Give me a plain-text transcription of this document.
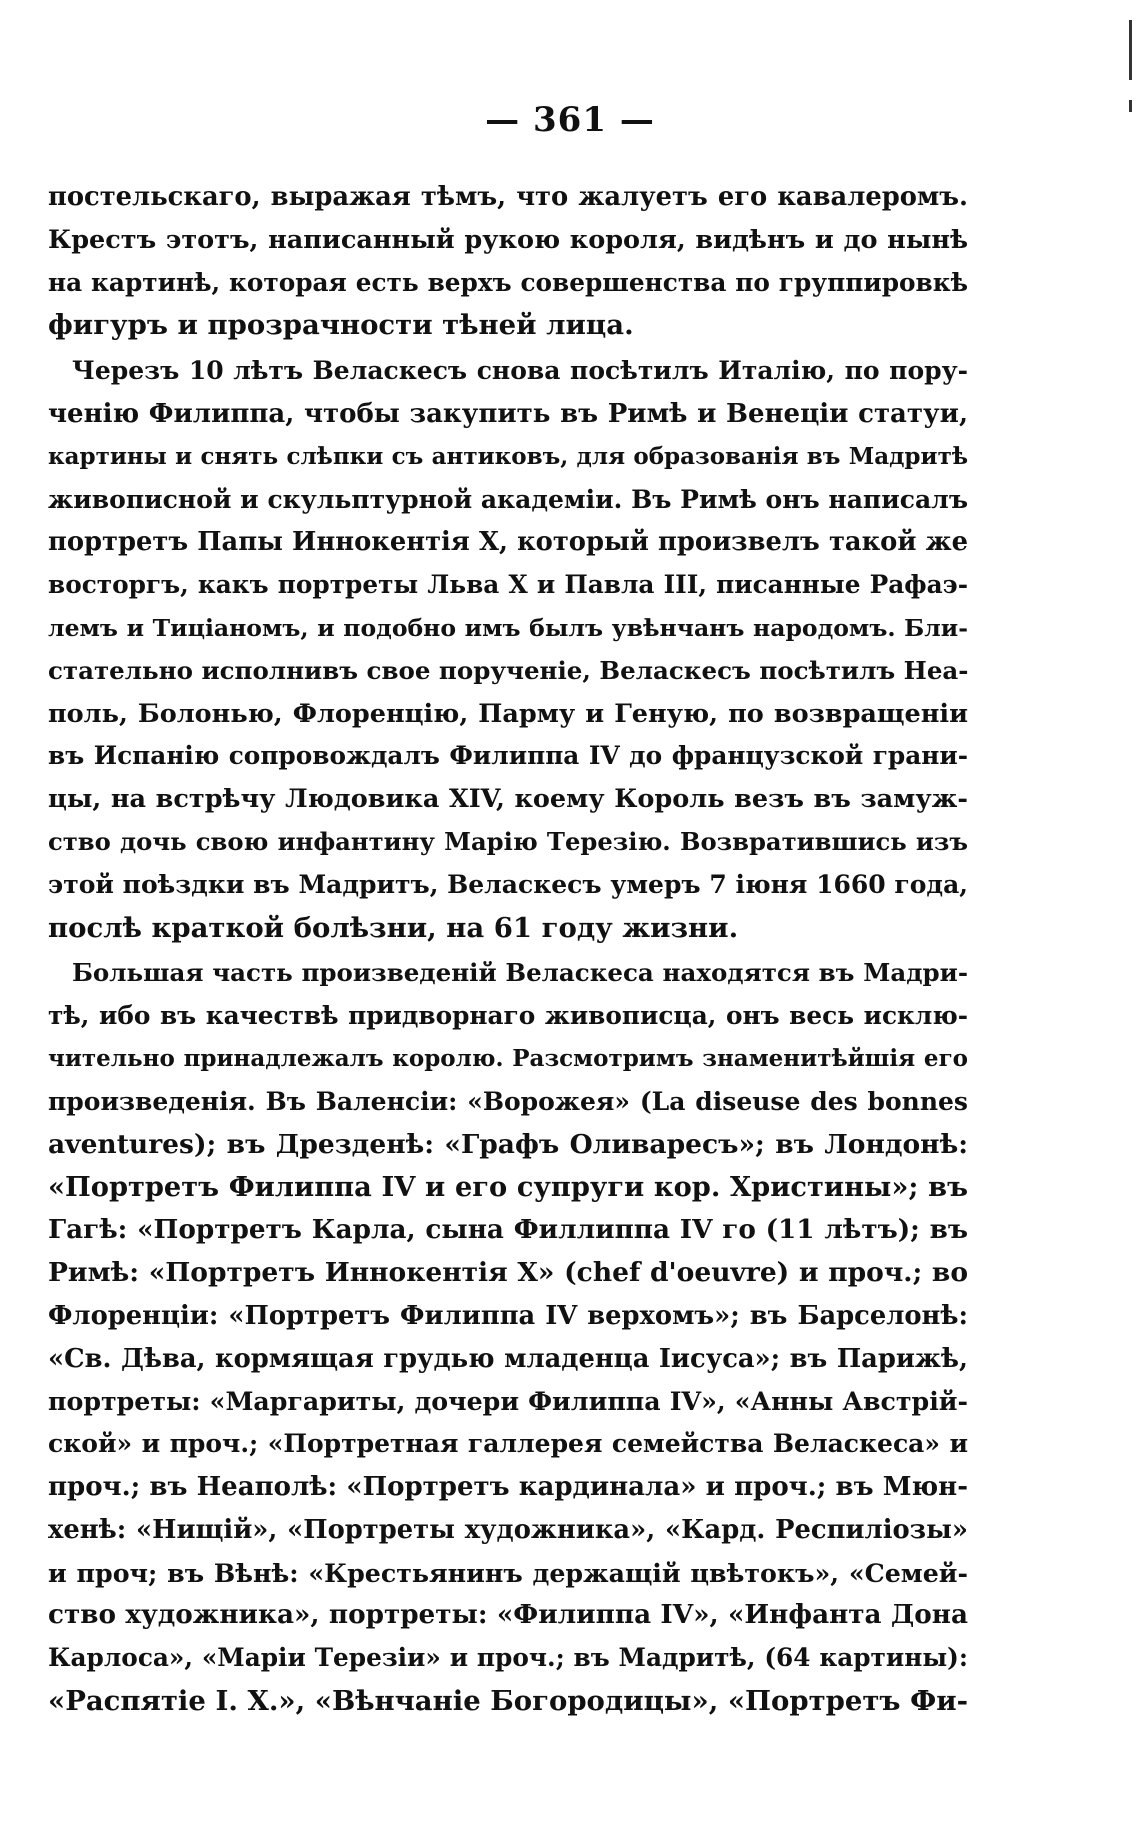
— 361 —
постельскаго, выражая тѣмъ, что жалуетъ его кавалеромъ.
Крестъ этотъ, написанный рукою короля, видѣнъ и до нынѣ
на картинѣ, которая есть верхъ совершенства по группировкѣ
фигуръ и прозрачности тѣней лица.
Черезъ 10 лѣтъ Веласкесъ снова посѣтилъ Италію, по пору-
ченію Филиппа, чтобы закупить въ Римѣ и Венеціи статуи,
картины и снять слѣпки съ антиковъ, для образованія въ Мадритѣ
живописной и скульптурной академіи. Въ Римѣ онъ написалъ
портретъ Папы Иннокентія X, который произвелъ такой же
восторгъ, какъ портреты Льва X и Павла III, писанные Рафаэ-
лемъ и Тиціаномъ, и подобно имъ былъ увѣнчанъ народомъ. Бли-
стательно исполнивъ свое порученіе, Веласкесъ посѣтилъ Неа-
поль, Болонью, Флоренцію, Парму и Геную, по возвращеніи
въ Испанію сопровождалъ Филиппа IV до французской грани-
цы, на встрѣчу Людовика XIV, коему Король везъ въ замуж-
ство дочь свою инфантину Марію Терезію. Возвратившись изъ
этой поѣздки въ Мадритъ, Веласкесъ умеръ 7 іюня 1660 года,
послѣ краткой болѣзни, на 61 году жизни.
Большая часть произведеній Веласкеса находятся въ Мадри-
тѣ, ибо въ качествѣ придворнаго живописца, онъ весь исклю-
чительно принадлежалъ королю. Разсмотримъ знаменитѣйшія его
произведенія. Въ Валенсіи: «Ворожея» (La diseuse des bonnes
aventures); въ Дрезденѣ: «Графъ Оливаресъ»; въ Лондонѣ:
«Портретъ Филиппа IV и его супруги кор. Христины»; въ
Гагѣ: «Портретъ Карла, сына Филлиппа IV го (11 лѣтъ); въ
Римѣ: «Портретъ Иннокентія X» (chef d'oeuvre) и проч.; во
Флоренціи: «Портретъ Филиппа IV верхомъ»; въ Барселонѣ:
«Св. Дѣва, кормящая грудью младенца Іисуса»; въ Парижѣ,
портреты: «Маргариты, дочери Филиппа IV», «Анны Австрій-
ской» и проч.; «Портретная галлерея семейства Веласкеса» и
проч.; въ Неаполѣ: «Портретъ кардинала» и проч.; въ Мюн-
хенѣ: «Нищій», «Портреты художника», «Кард. Респиліозы»
и проч; въ Вѣнѣ: «Крестьянинъ держащій цвѣтокъ», «Семей-
ство художника», портреты: «Филиппа IV», «Инфанта Дона
Карлоса», «Маріи Терезіи» и проч.; въ Мадритѣ, (64 картины):
«Распятіе I. X.», «Вѣнчаніе Богородицы», «Портретъ Фи-
